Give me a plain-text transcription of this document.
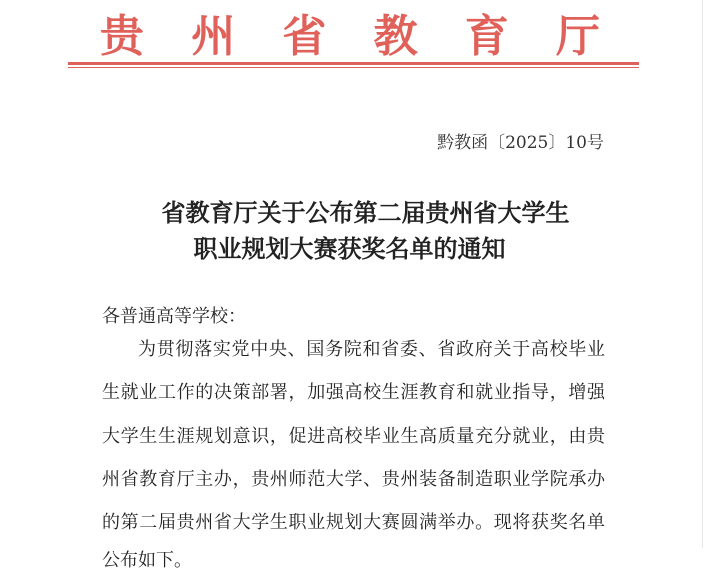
贵 州 省 教 育 厅
黔教函〔2025〕10号
省教育厅关于公布第二届贵州省大学生
职业规划大赛获奖名单的通知
各普通高等学校：
为贯彻落实党中央、国务院和省委、省政府关于高校毕业
生就业工作的决策部署，加强高校生涯教育和就业指导，增强
大学生生涯规划意识，促进高校毕业生高质量充分就业，由贵
州省教育厅主办，贵州师范大学、贵州装备制造职业学院承办
的第二届贵州省大学生职业规划大赛圆满举办。现将获奖名单
公布如下。
